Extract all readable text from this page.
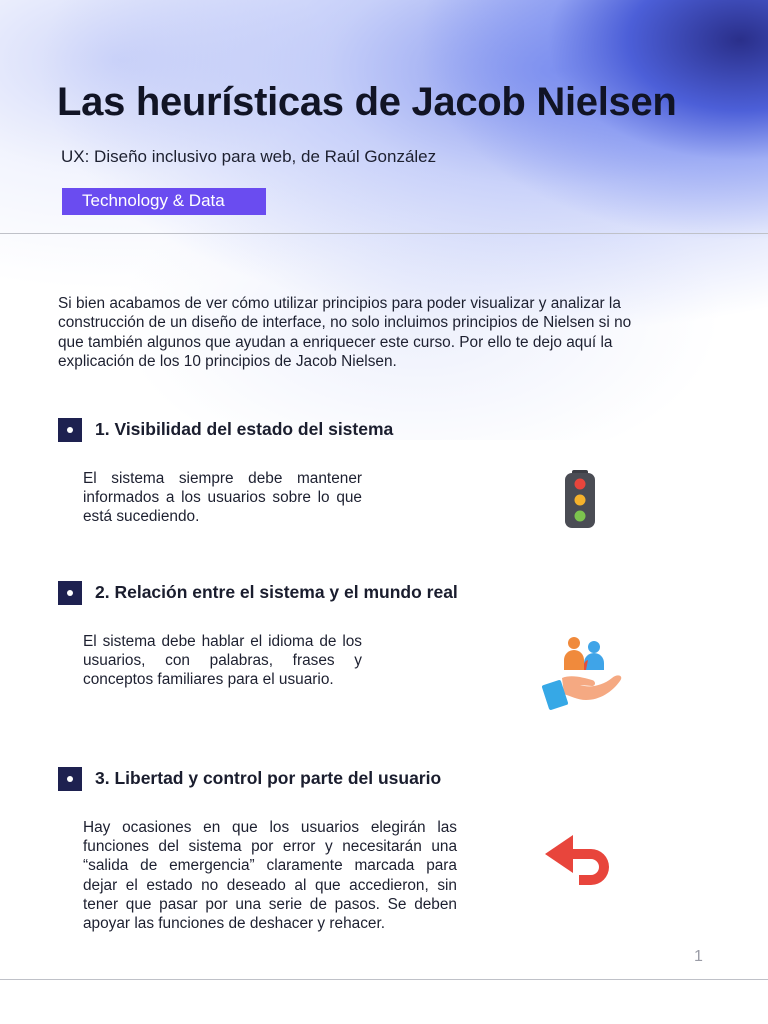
Las heurísticas de Jacob Nielsen
UX: Diseño inclusivo para web, de Raúl González
Technology & Data

Si bien acabamos de ver cómo utilizar principios para poder visualizar y analizar la construcción de un diseño de interface, no solo incluimos principios de Nielsen si no que también algunos que ayudan a enriquecer este curso. Por ello te dejo aquí la explicación de los 10 principios de Jacob Nielsen.

1. Visibilidad del estado del sistema

El sistema siempre debe mantener informados a los usuarios sobre lo que está sucediendo.

2. Relación entre el sistema y el mundo real

El sistema debe hablar el idioma de los usuarios, con palabras, frases y conceptos familiares para el usuario.

3. Libertad y control por parte del usuario

Hay ocasiones en que los usuarios elegirán las funciones del sistema por error y necesitarán una “salida de emergencia” claramente marcada para dejar el estado no deseado al que accedieron, sin tener que pasar por una serie de pasos. Se deben apoyar las funciones de deshacer y rehacer.

1
